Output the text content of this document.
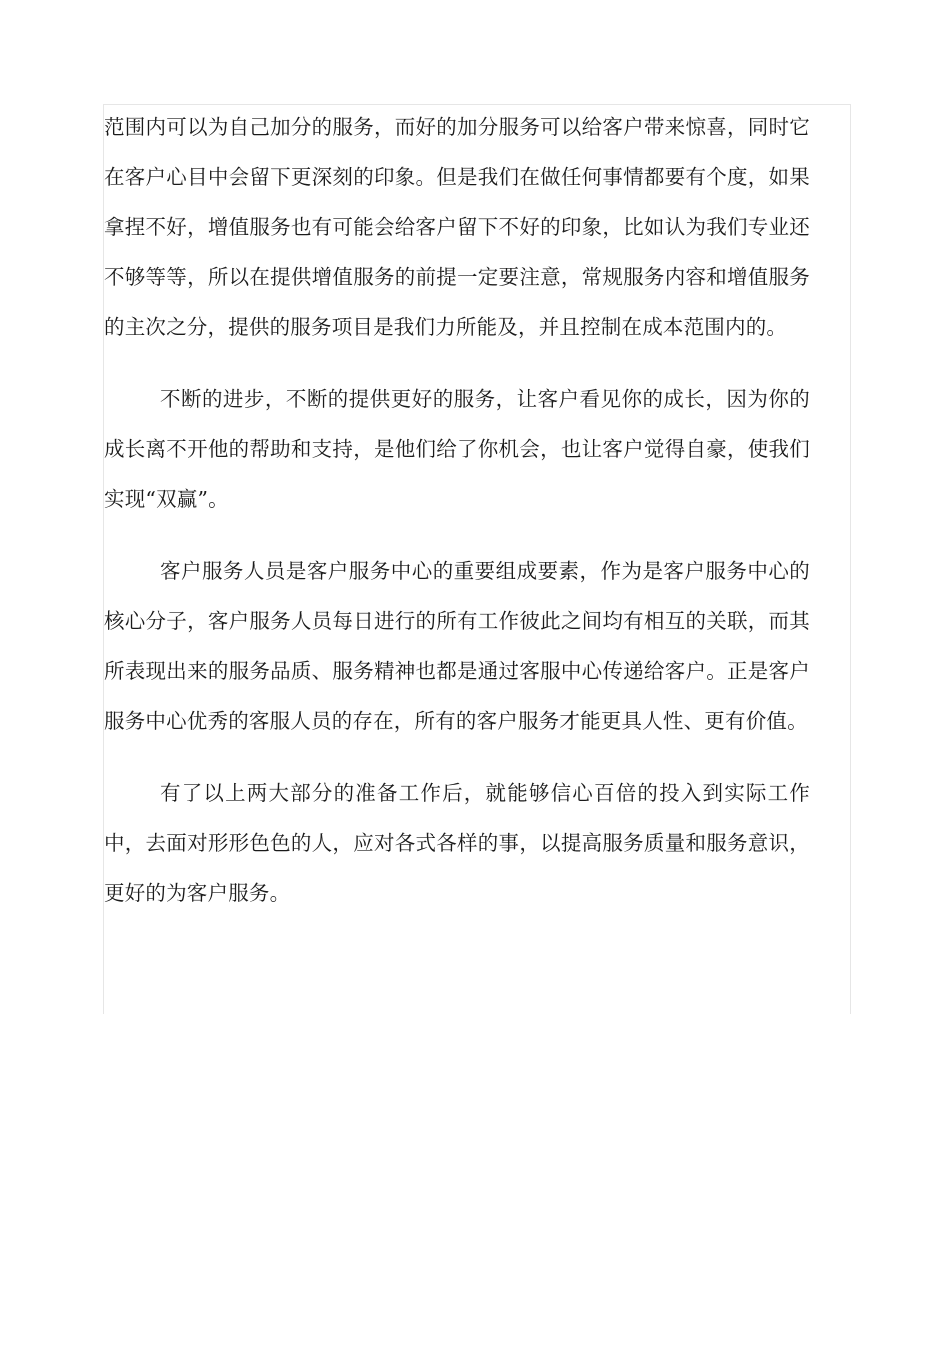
范围内可以为自己加分的服务，而好的加分服务可以给客户带来惊喜，同时它在客户心目中会留下更深刻的印象。但是我们在做任何事情都要有个度，如果拿捏不好，增值服务也有可能会给客户留下不好的印象，比如认为我们专业还不够等等，所以在提供增值服务的前提一定要注意，常规服务内容和增值服务的主次之分，提供的服务项目是我们力所能及，并且控制在成本范围内的。

不断的进步，不断的提供更好的服务，让客户看见你的成长，因为你的成长离不开他的帮助和支持，是他们给了你机会，也让客户觉得自豪，使我们实现“双赢”。

客户服务人员是客户服务中心的重要组成要素，作为是客户服务中心的核心分子，客户服务人员每日进行的所有工作彼此之间均有相互的关联，而其所表现出来的服务品质、服务精神也都是通过客服中心传递给客户。正是客户服务中心优秀的客服人员的存在，所有的客户服务才能更具人性、更有价值。

有了以上两大部分的准备工作后，就能够信心百倍的投入到实际工作中，去面对形形色色的人，应对各式各样的事，以提高服务质量和服务意识，更好的为客户服务。
